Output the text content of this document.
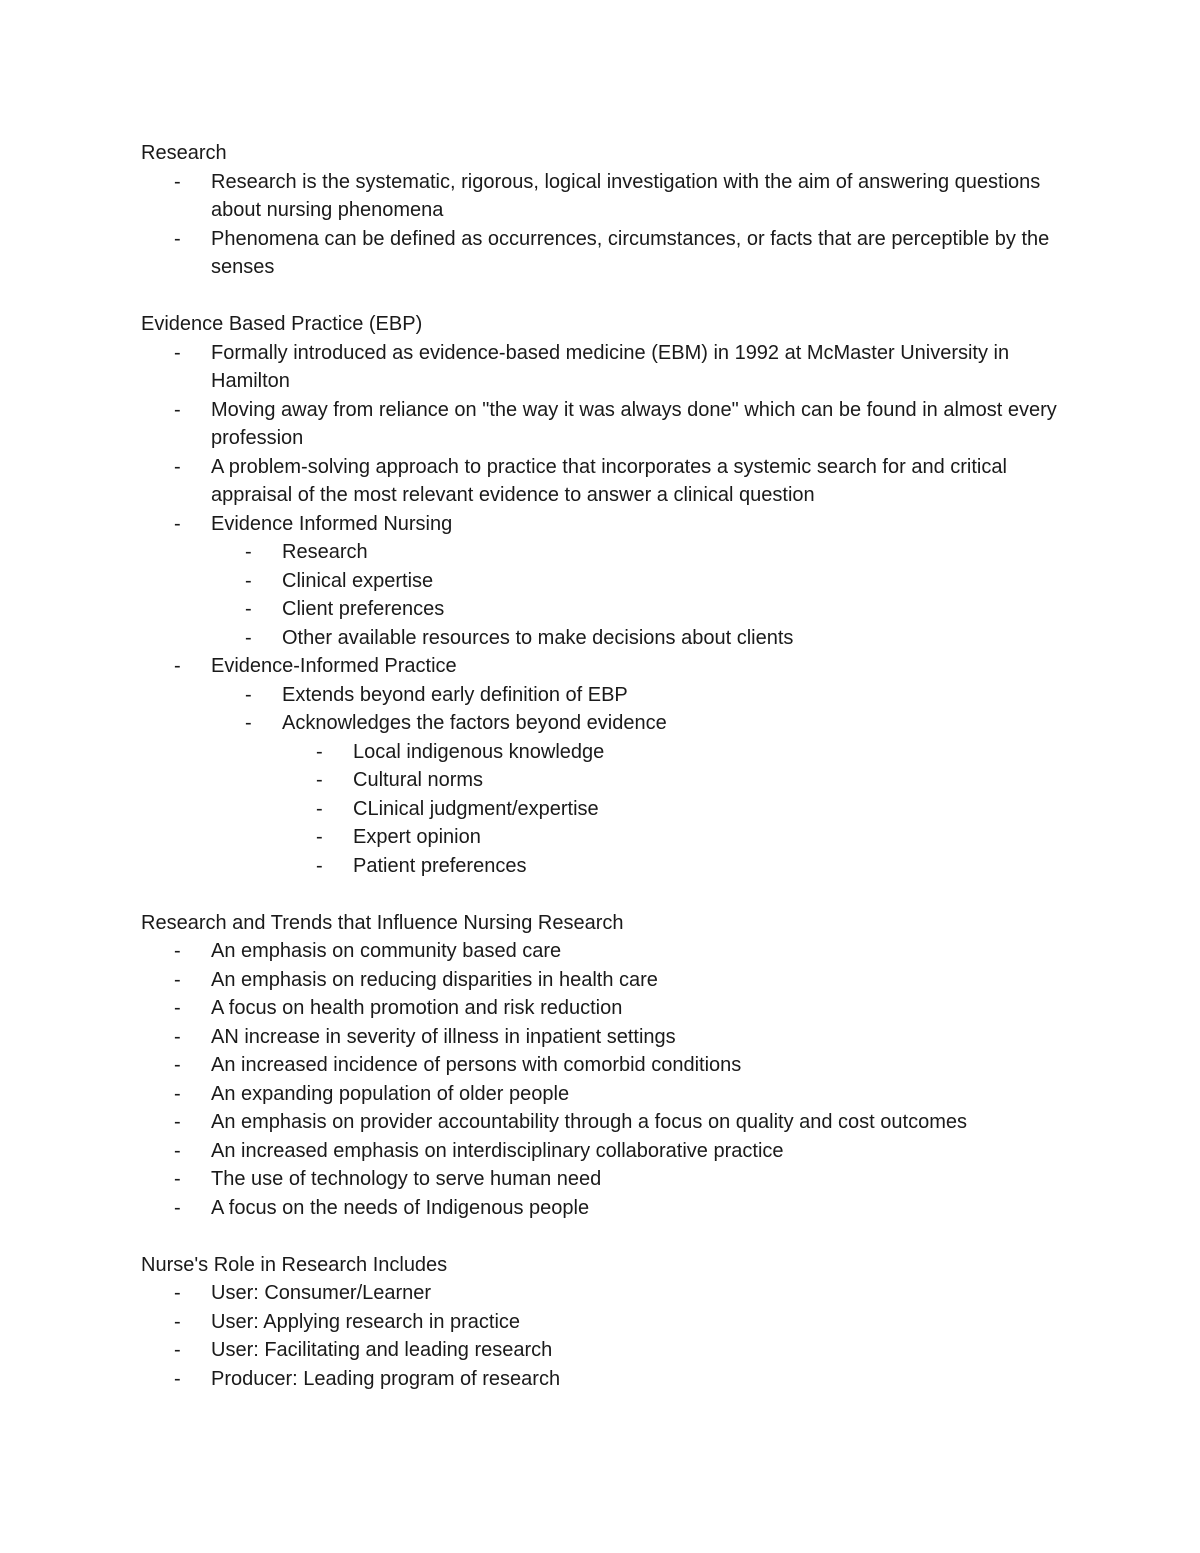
Research

-	Research is the systematic, rigorous, logical investigation with the aim of answering questions about nursing phenomena
-	Phenomena can be defined as occurrences, circumstances, or facts that are perceptible by the senses

Evidence Based Practice (EBP)

-	Formally introduced as evidence-based medicine (EBM) in 1992 at McMaster University in Hamilton
-	Moving away from reliance on "the way it was always done" which can be found in almost every profession
-	A problem-solving approach to practice that incorporates a systemic search for and critical appraisal of the most relevant evidence to answer a clinical question
-	Evidence Informed Nursing
-	Research
-	Clinical expertise
-	Client preferences
-	Other available resources to make decisions about clients
-	Evidence-Informed Practice
-	Extends beyond early definition of EBP
-	Acknowledges the factors beyond evidence
-	Local indigenous knowledge
-	Cultural norms
-	CLinical judgment/expertise
-	Expert opinion
-	Patient preferences

Research and Trends that Influence Nursing Research

-	An emphasis on community based care
-	An emphasis on reducing disparities in health care
-	A focus on health promotion and risk reduction
-	AN increase in severity of illness in inpatient settings
-	An increased incidence of persons with comorbid conditions
-	An expanding population of older people
-	An emphasis on provider accountability through a focus on quality and cost outcomes
-	An increased emphasis on interdisciplinary collaborative practice
-	The use of technology to serve human need
-	A focus on the needs of Indigenous people

Nurse's Role in Research Includes

-	User: Consumer/Learner
-	User: Applying research in practice
-	User: Facilitating and leading research
-	Producer: Leading program of research
